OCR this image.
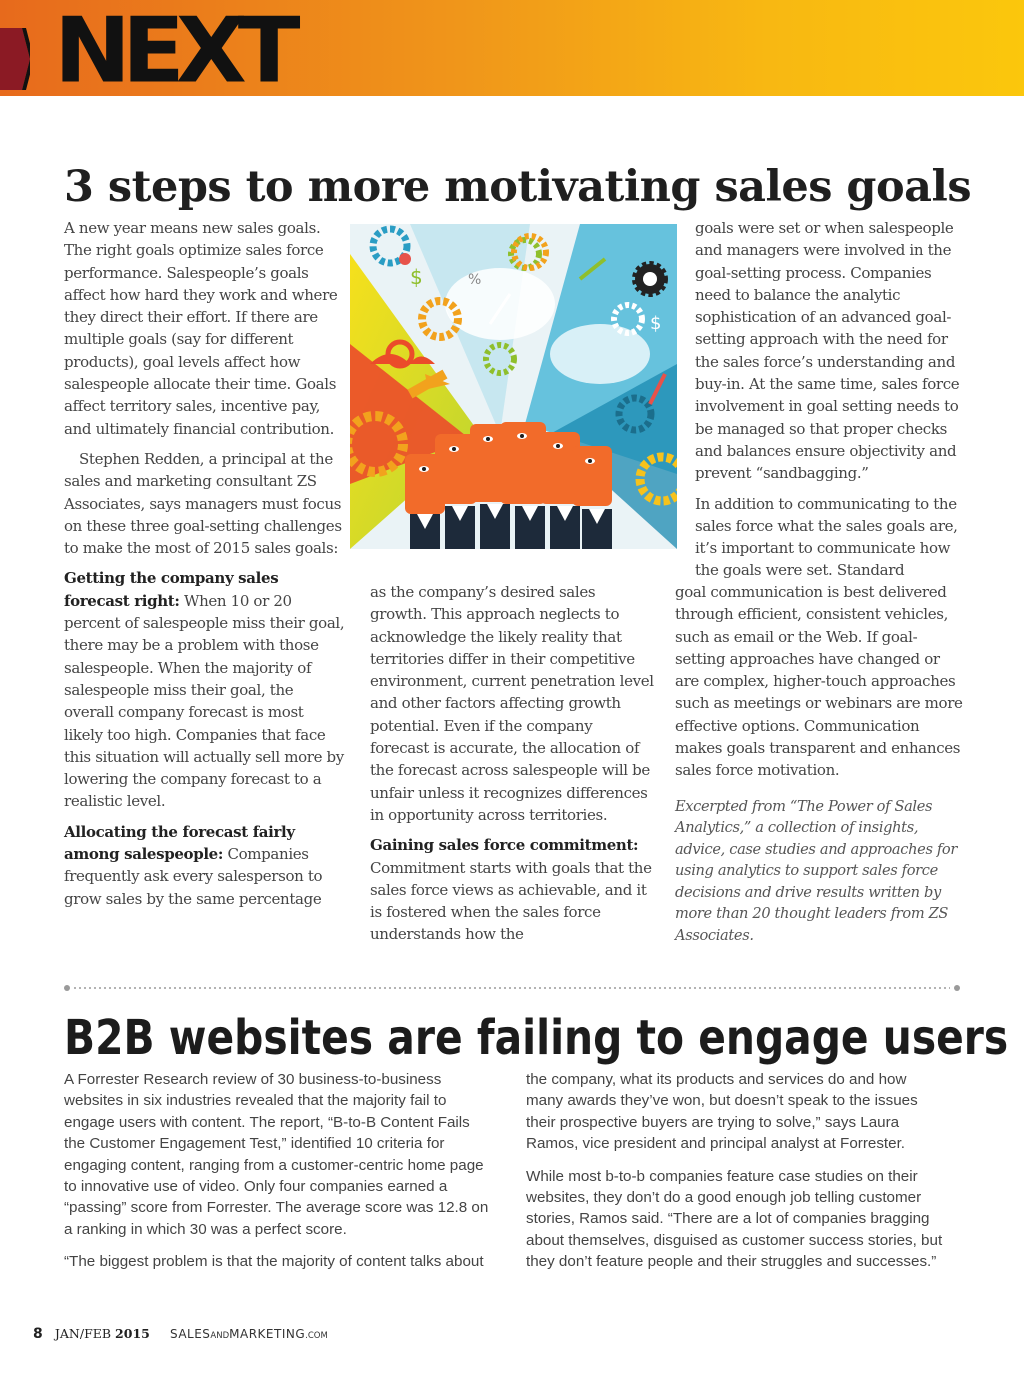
NEXT
3 steps to more motivating sales goals

A new year means new sales goals. The right goals optimize sales force performance. Salespeople’s goals affect how hard they work and where they direct their effort. If there are multiple goals (say for different products), goal levels affect how salespeople allocate their time. Goals affect territory sales, incentive pay, and ultimately financial contribution.

Stephen Redden, a principal at the sales and marketing consultant ZS Associates, says managers must focus on these three goal-setting challenges to make the most of 2015 sales goals:

Getting the company sales forecast right: When 10 or 20 percent of salespeople miss their goal, there may be a problem with those salespeople. When the majority of salespeople miss their goal, the overall company forecast is most likely too high. Companies that face this situation will actually sell more by lowering the company forecast to a realistic level.

Allocating the forecast fairly among salespeople: Companies frequently ask every salesperson to grow sales by the same percentage

$
$
%

as the company’s desired sales growth. This approach neglects to acknowledge the likely reality that territories differ in their competitive environment, current penetration level and other factors affecting growth potential. Even if the company forecast is accurate, the allocation of the forecast across salespeople will be unfair unless it recognizes differences in opportunity across territories.

Gaining sales force commitment: Commitment starts with goals that the sales force views as achievable, and it is fostered when the sales force understands how the

goals were set or when salespeople and managers were involved in the goal-setting process. Companies need to balance the analytic sophistication of an advanced goal-setting approach with the need for the sales force’s understanding and buy-in. At the same time, sales force involvement in goal setting needs to be managed so that proper checks and balances ensure objectivity and prevent “sandbagging.”

In addition to communicating to the sales force what the sales goals are, it’s important to communicate how the goals were set. Standard

goal communication is best delivered through efficient, consistent vehicles, such as email or the Web. If goal-setting approaches have changed or are complex, higher-touch approaches such as meetings or webinars are more effective options. Communication makes goals transparent and enhances sales force motivation.

Excerpted from “The Power of Sales Analytics,” a collection of insights, advice, case studies and approaches for using analytics to support sales force decisions and drive results written by more than 20 thought leaders from ZS Associates.

B2B websites are failing to engage users

A Forrester Research review of 30 business-to-business websites in six industries revealed that the majority fail to engage users with content. The report, “B-to-B Content Fails the Customer Engagement Test,” identified 10 criteria for engaging content, ranging from a customer-centric home page to innovative use of video. Only four companies earned a “passing” score from Forrester. The average score was 12.8 on a ranking in which 30 was a perfect score.

“The biggest problem is that the majority of content talks about

the company, what its products and services do and how many awards they’ve won, but doesn’t speak to the issues their prospective buyers are trying to solve,” says Laura Ramos, vice president and principal analyst at Forrester.

While most b-to-b companies feature case studies on their websites, they don’t do a good enough job telling customer stories, Ramos said. “There are a lot of companies bragging about themselves, disguised as customer success stories, but they don’t feature people and their struggles and successes.”

8 JAN/FEB 2015 SALESANDMARKETING.COM
